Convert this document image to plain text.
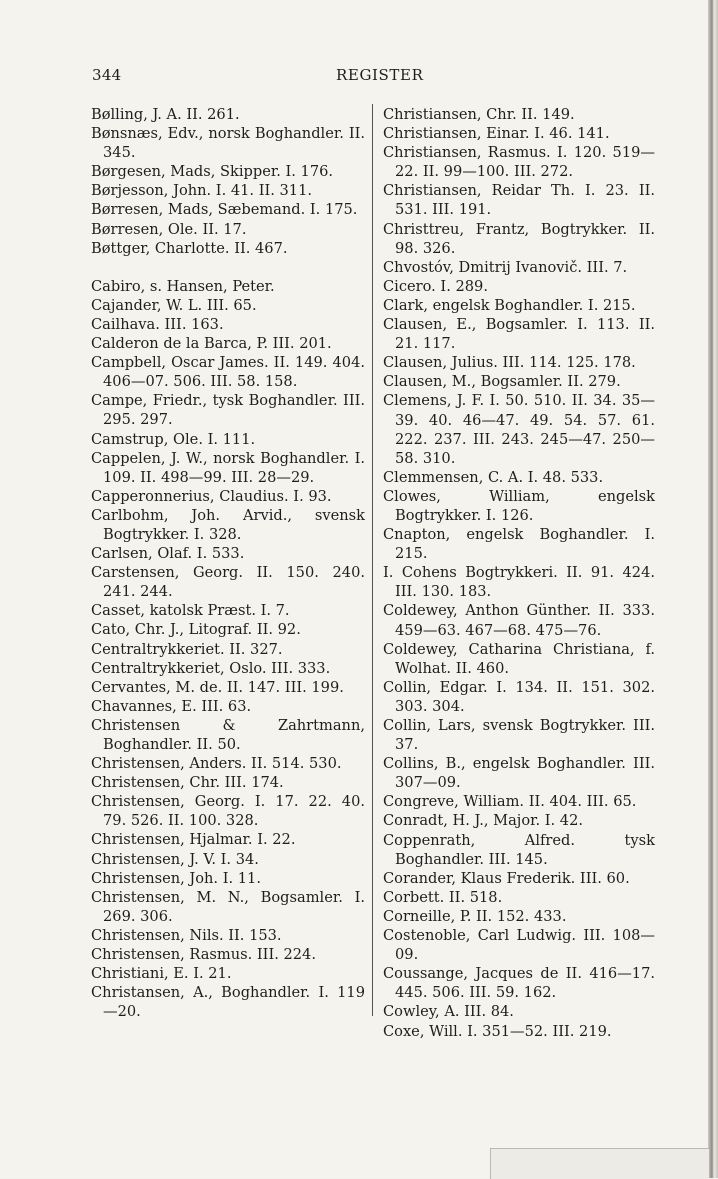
344	REGISTER

Bølling, J. A. II. 261.

Bønsnæs, Edv., norsk Boghandler. II. 345.

Børgesen, Mads, Skipper. I. 176.

Børjesson, John. I. 41. II. 311.

Børresen, Mads, Sæbemand. I. 175.

Børresen, Ole. II. 17.

Bøttger, Charlotte. II. 467.

Cabiro, s. Hansen, Peter.

Cajander, W. L. III. 65.

Cailhava. III. 163.

Calderon de la Barca, P. III. 201.

Campbell, Oscar James. II. 149. 404. 406—07. 506. III. 58. 158.

Campe, Friedr., tysk Boghandler. III. 295. 297.

Camstrup, Ole. I. 111.

Cappelen, J. W., norsk Boghandler. I. 109. II. 498—99. III. 28—29.

Capperonnerius, Claudius. I. 93.

Carlbohm, Joh. Arvid., svensk Bogtrykker. I. 328.

Carlsen, Olaf. I. 533.

Carstensen, Georg. II. 150. 240. 241. 244.

Casset, katolsk Præst. I. 7.

Cato, Chr. J., Litograf. II. 92.

Centraltrykkeriet. II. 327.

Centraltrykkeriet, Oslo. III. 333.

Cervantes, M. de. II. 147. III. 199.

Chavannes, E. III. 63.

Christensen & Zahrtmann, Boghandler. II. 50.

Christensen, Anders. II. 514. 530.

Christensen, Chr. III. 174.

Christensen, Georg. I. 17. 22. 40. 79. 526. II. 100. 328.

Christensen, Hjalmar. I. 22.

Christensen, J. V. I. 34.

Christensen, Joh. I. 11.

Christensen, M. N., Bogsamler. I. 269. 306.

Christensen, Nils. II. 153.

Christensen, Rasmus. III. 224.

Christiani, E. I. 21.

Christansen, A., Boghandler. I. 119—20.

Christiansen, Chr. II. 149.

Christiansen, Einar. I. 46. 141.

Christiansen, Rasmus. I. 120. 519—22. II. 99—100. III. 272.

Christiansen, Reidar Th. I. 23. II. 531. III. 191.

Christtreu, Frantz, Bogtrykker. II. 98. 326.

Chvostóv, Dmitrij Ivanovič. III. 7.

Cicero. I. 289.

Clark, engelsk Boghandler. I. 215.

Clausen, E., Bogsamler. I. 113. II. 21. 117.

Clausen, Julius. III. 114. 125. 178.

Clausen, M., Bogsamler. II. 279.

Clemens, J. F. I. 50. 510. II. 34. 35—39. 40. 46—47. 49. 54. 57. 61. 222. 237. III. 243. 245—47. 250—58. 310.

Clemmensen, C. A. I. 48. 533.

Clowes, William, engelsk Bogtrykker. I. 126.

Cnapton, engelsk Boghandler. I. 215.

I. Cohens Bogtrykkeri. II. 91. 424. III. 130. 183.

Coldewey, Anthon Günther. II. 333. 459—63. 467—68. 475—76.

Coldewey, Catharina Christiana, f. Wolhat. II. 460.

Collin, Edgar. I. 134. II. 151. 302. 303. 304.

Collin, Lars, svensk Bogtrykker. III. 37.

Collins, B., engelsk Boghandler. III. 307—09.

Congreve, William. II. 404. III. 65.

Conradt, H. J., Major. I. 42.

Coppenrath, Alfred. tysk Boghandler. III. 145.

Corander, Klaus Frederik. III. 60.

Corbett. II. 518.

Corneille, P. II. 152. 433.

Costenoble, Carl Ludwig. III. 108—09.

Coussange, Jacques de II. 416—17. 445. 506. III. 59. 162.

Cowley, A. III. 84.

Coxe, Will. I. 351—52. III. 219.
